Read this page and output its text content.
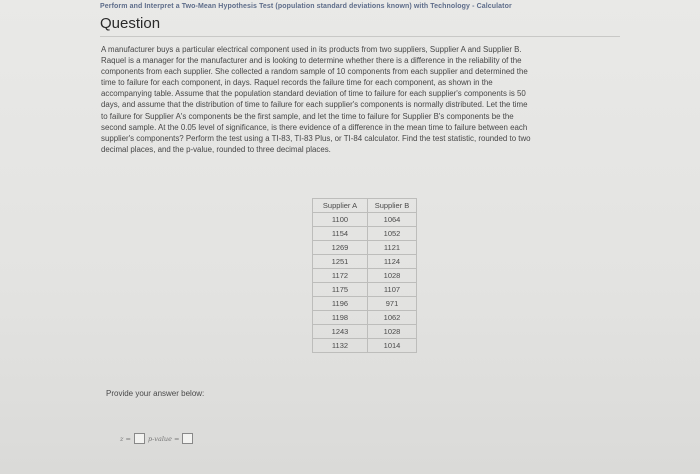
Perform and Interpret a Two-Mean Hypothesis Test (population standard deviations known) with Technology - Calculator
Question
A manufacturer buys a particular electrical component used in its products from two suppliers, Supplier A and Supplier B.
Raquel is a manager for the manufacturer and is looking to determine whether there is a difference in the reliability of the
components from each supplier. She collected a random sample of 10 components from each supplier and determined the
time to failure for each component, in days. Raquel records the failure time for each component, as shown in the
accompanying table. Assume that the population standard deviation of time to failure for each supplier's components is 50
days, and assume that the distribution of time to failure for each supplier's components is normally distributed. Let the time
to failure for Supplier A's components be the first sample, and let the time to failure for Supplier B's components be the
second sample. At the 0.05 level of significance, is there evidence of a difference in the mean time to failure between each
supplier's components? Perform the test using a TI-83, TI-83 Plus, or TI-84 calculator. Find the test statistic, rounded to two
decimal places, and the p-value, rounded to three decimal places.
Supplier A	Supplier B
1100	1064
1154	1052
1269	1121
1251	1124
1172	1028
1175	1107
1196	971
1198	1062
1243	1028
1132	1014
Provide your answer below:
z =	p-value =
